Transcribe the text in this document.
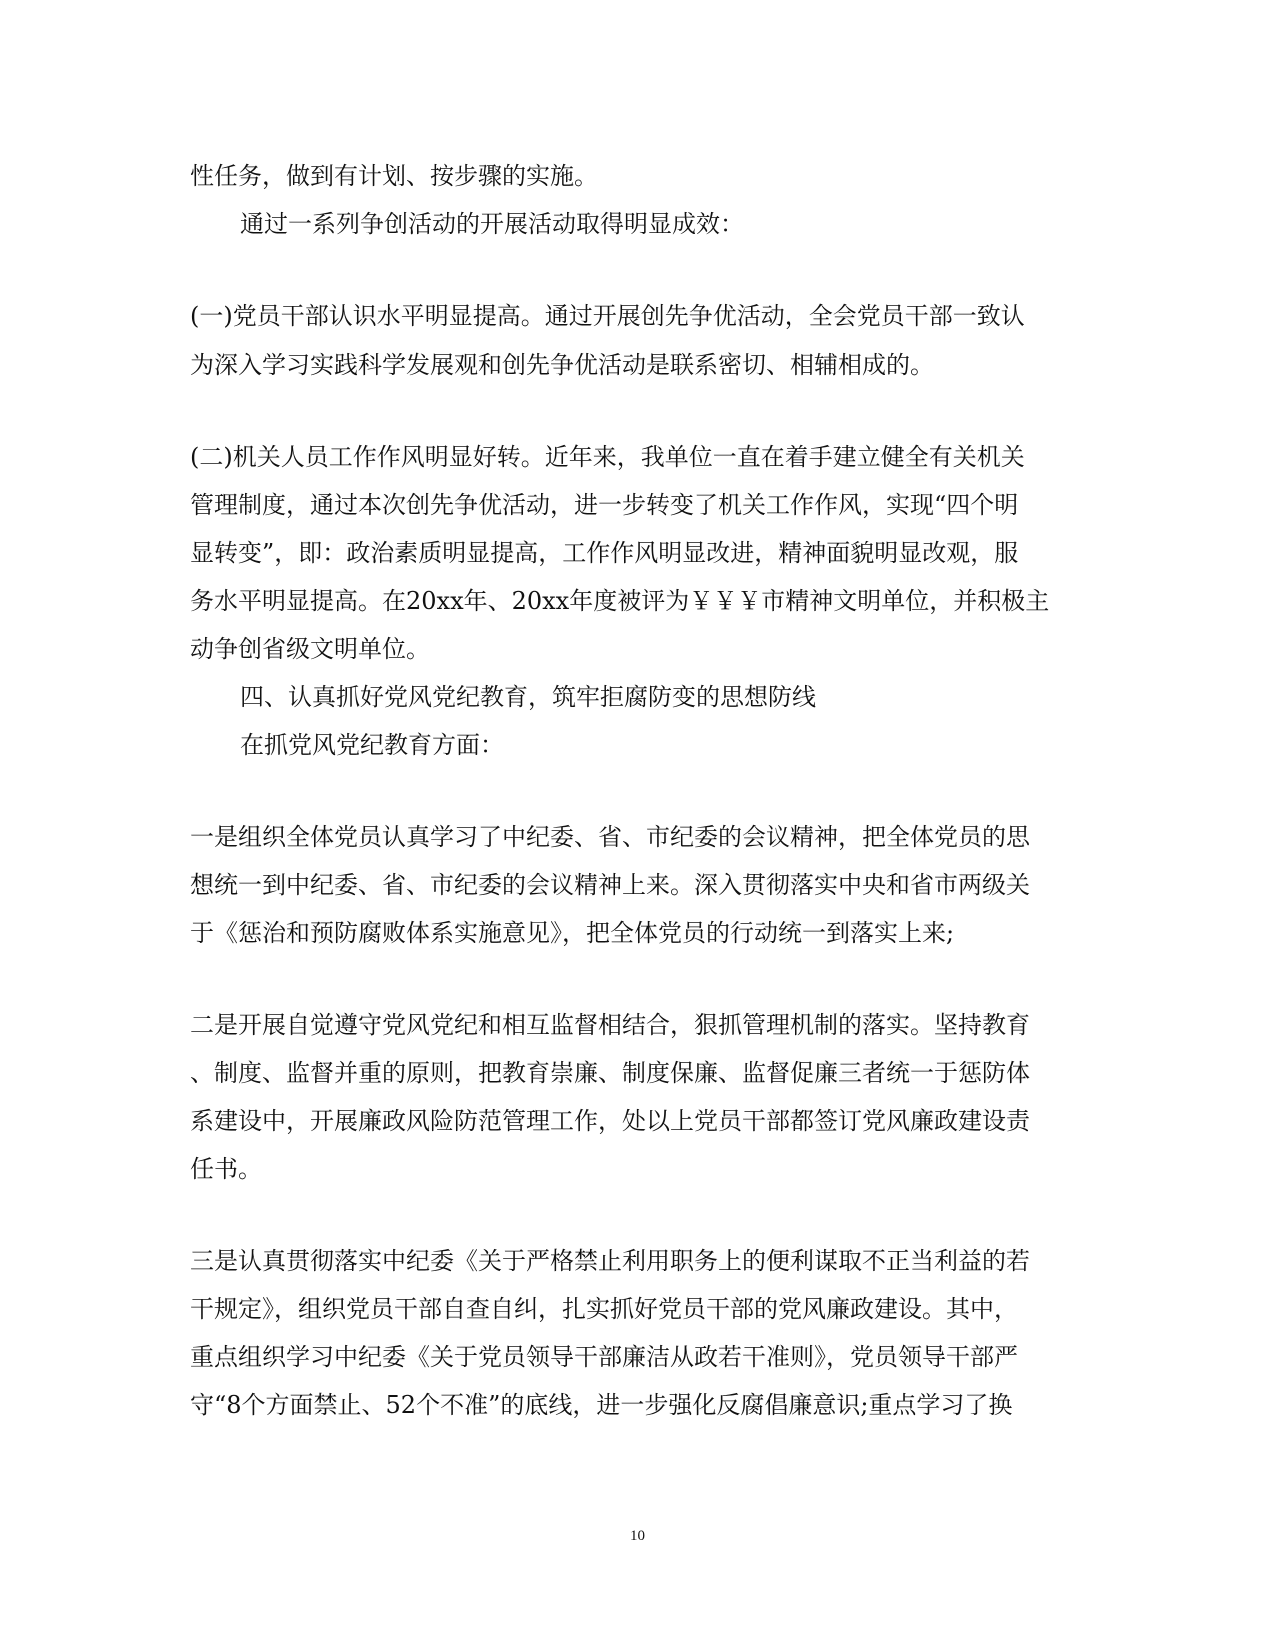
性任务，做到有计划、按步骤的实施。
通过一系列争创活动的开展活动取得明显成效：
(一)党员干部认识水平明显提高。通过开展创先争优活动，全会党员干部一致认
为深入学习实践科学发展观和创先争优活动是联系密切、相辅相成的。
(二)机关人员工作作风明显好转。近年来，我单位一直在着手建立健全有关机关
管理制度，通过本次创先争优活动，进一步转变了机关工作作风，实现“四个明
显转变”，即：政治素质明显提高，工作作风明显改进，精神面貌明显改观，服
务水平明显提高。在20xx年、20xx年度被评为￥￥￥市精神文明单位，并积极主
动争创省级文明单位。
四、认真抓好党风党纪教育，筑牢拒腐防变的思想防线
在抓党风党纪教育方面：
一是组织全体党员认真学习了中纪委、省、市纪委的会议精神，把全体党员的思
想统一到中纪委、省、市纪委的会议精神上来。深入贯彻落实中央和省市两级关
于《惩治和预防腐败体系实施意见》，把全体党员的行动统一到落实上来;
二是开展自觉遵守党风党纪和相互监督相结合，狠抓管理机制的落实。坚持教育
、制度、监督并重的原则，把教育崇廉、制度保廉、监督促廉三者统一于惩防体
系建设中，开展廉政风险防范管理工作，处以上党员干部都签订党风廉政建设责
任书。
三是认真贯彻落实中纪委《关于严格禁止利用职务上的便利谋取不正当利益的若
干规定》，组织党员干部自查自纠，扎实抓好党员干部的党风廉政建设。其中，
重点组织学习中纪委《关于党员领导干部廉洁从政若干准则》，党员领导干部严
守“8个方面禁止、52个不准”的底线，进一步强化反腐倡廉意识;重点学习了换
10
